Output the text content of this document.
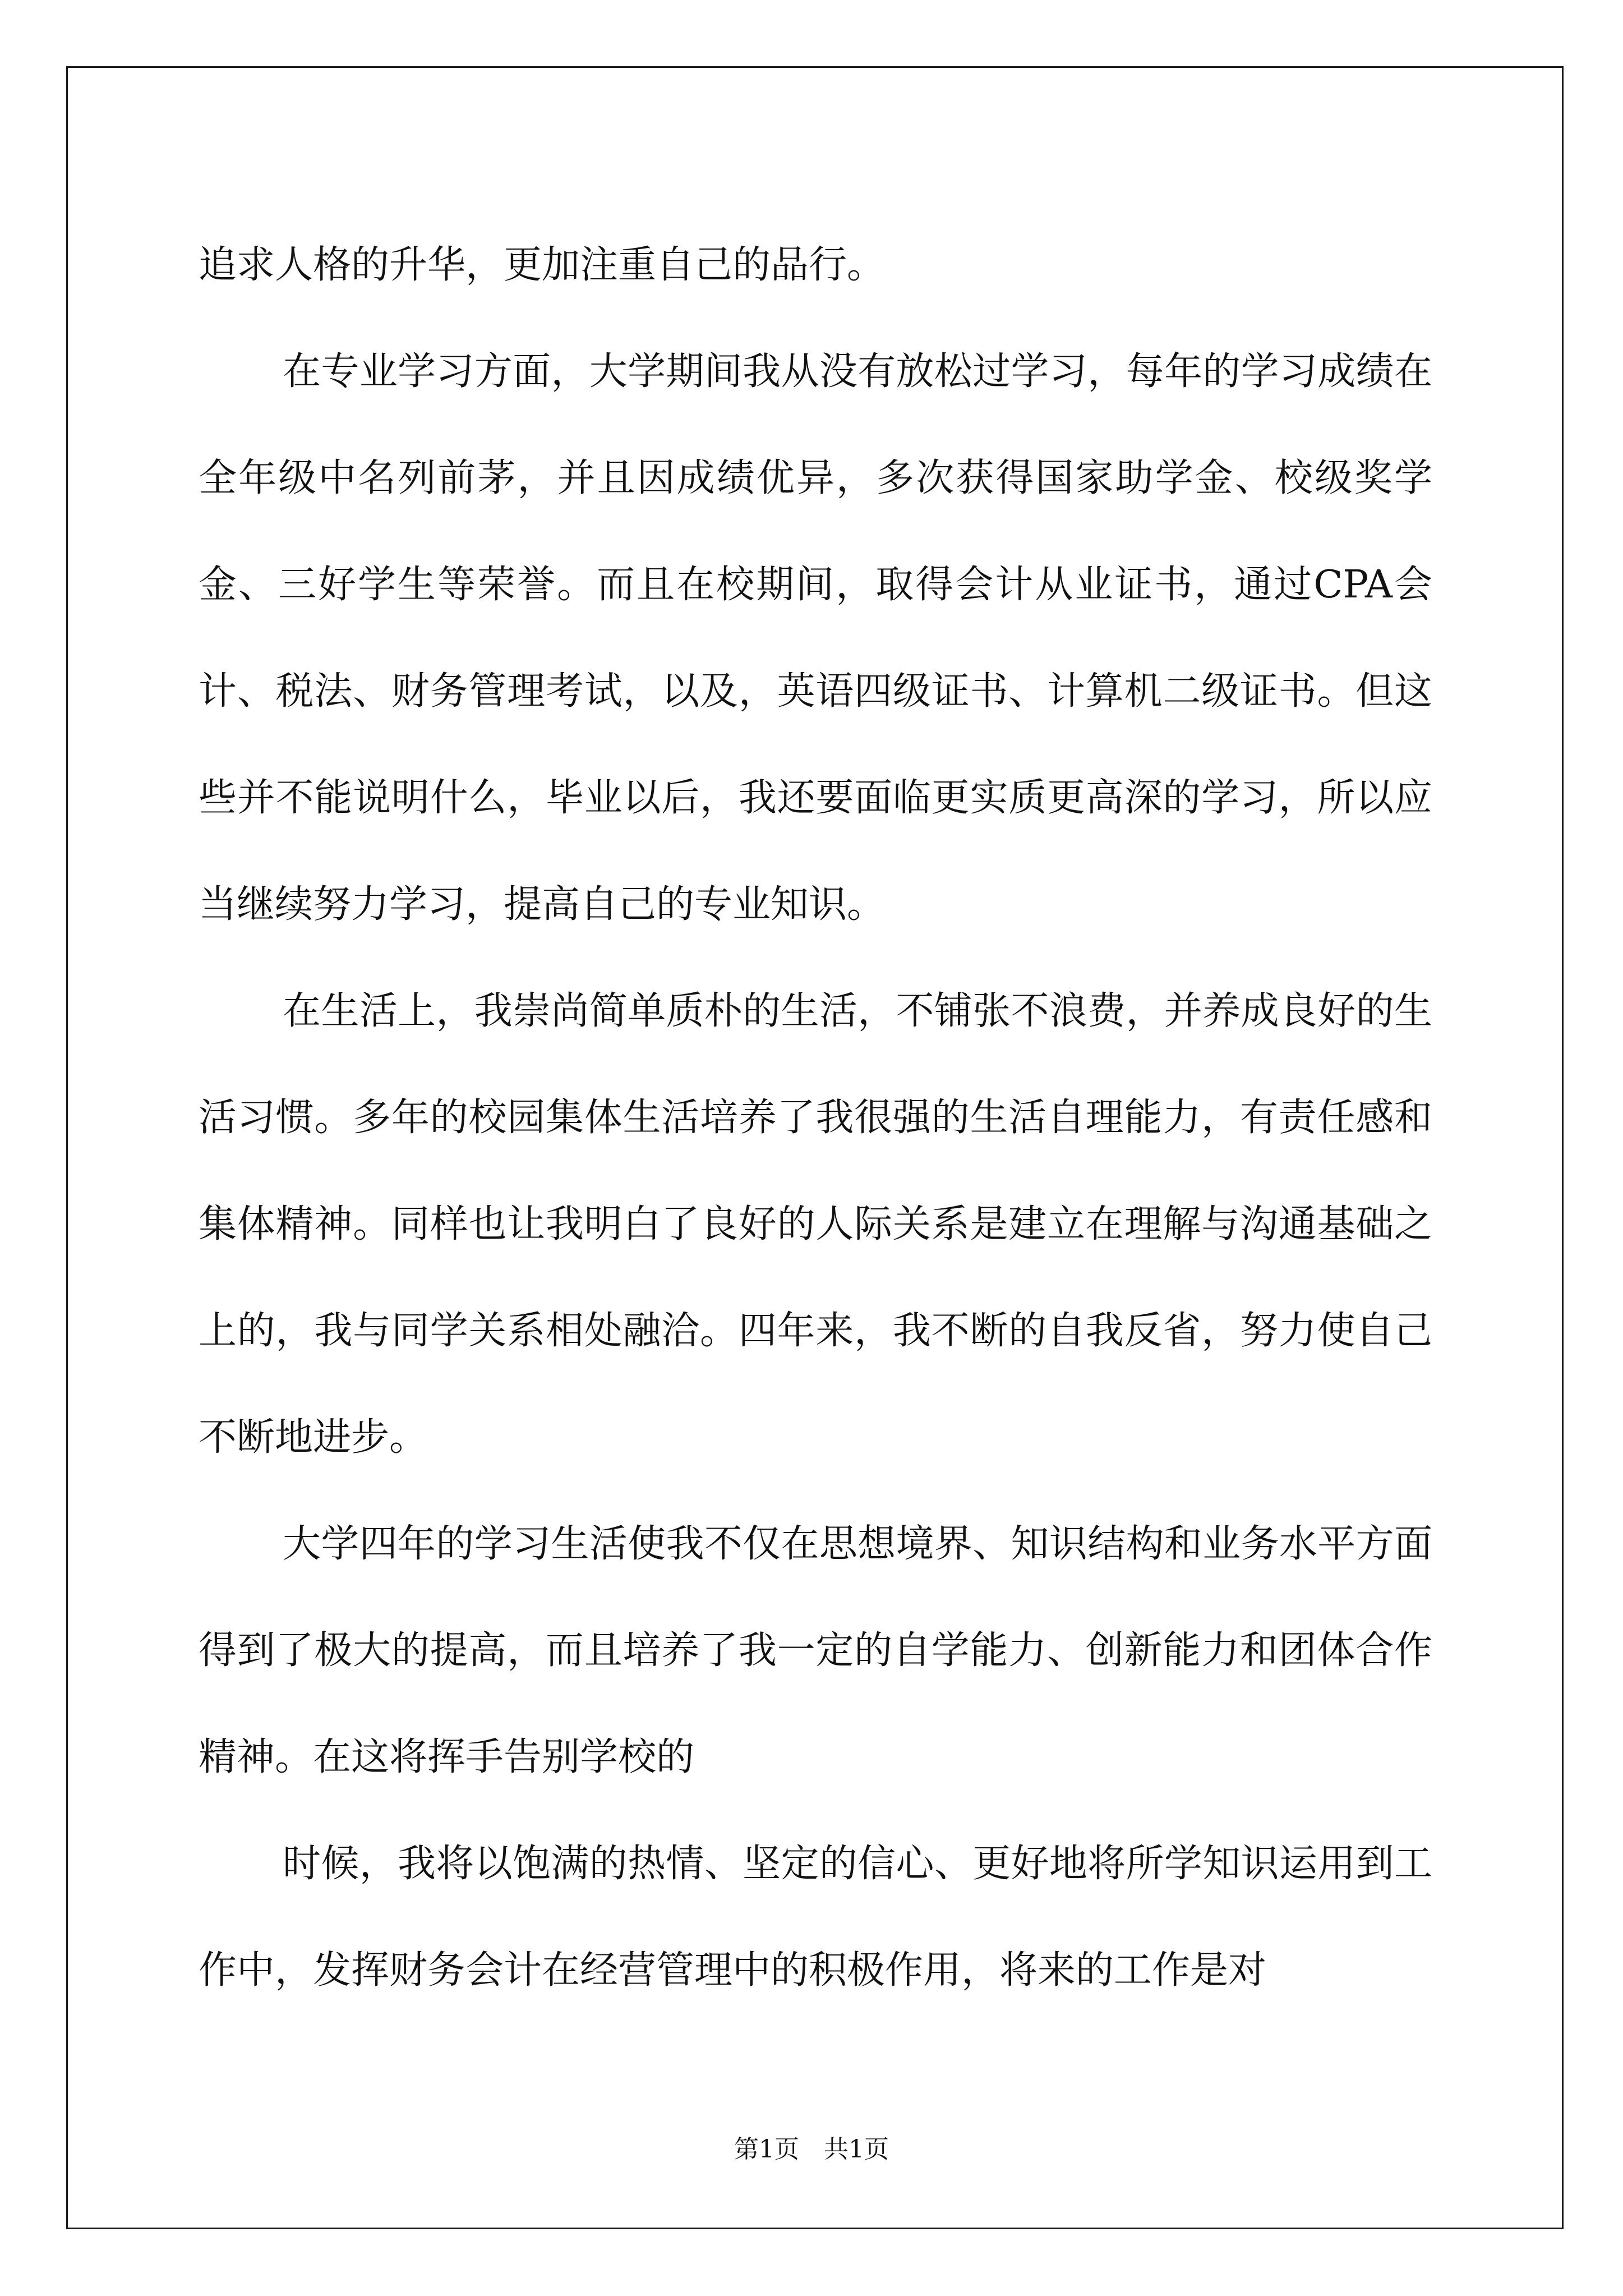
追求人格的升华，更加注重自己的品行。

在专业学习方面，大学期间我从没有放松过学习，每年的学习成绩在全年级中名列前茅，并且因成绩优异，多次获得国家助学金、校级奖学金、三好学生等荣誉。而且在校期间，取得会计从业证书，通过CPA会计、税法、财务管理考试，以及，英语四级证书、计算机二级证书。但这些并不能说明什么，毕业以后，我还要面临更实质更高深的学习，所以应当继续努力学习，提高自己的专业知识。

在生活上，我崇尚简单质朴的生活，不铺张不浪费，并养成良好的生活习惯。多年的校园集体生活培养了我很强的生活自理能力，有责任感和集体精神。同样也让我明白了良好的人际关系是建立在理解与沟通基础之上的，我与同学关系相处融洽。四年来，我不断的自我反省，努力使自己不断地进步。

大学四年的学习生活使我不仅在思想境界、知识结构和业务水平方面得到了极大的提高，而且培养了我一定的自学能力、创新能力和团体合作精神。在这将挥手告别学校的

时候，我将以饱满的热情、坚定的信心、更好地将所学知识运用到工作中，发挥财务会计在经营管理中的积极作用，将来的工作是对

第1页 共1页
